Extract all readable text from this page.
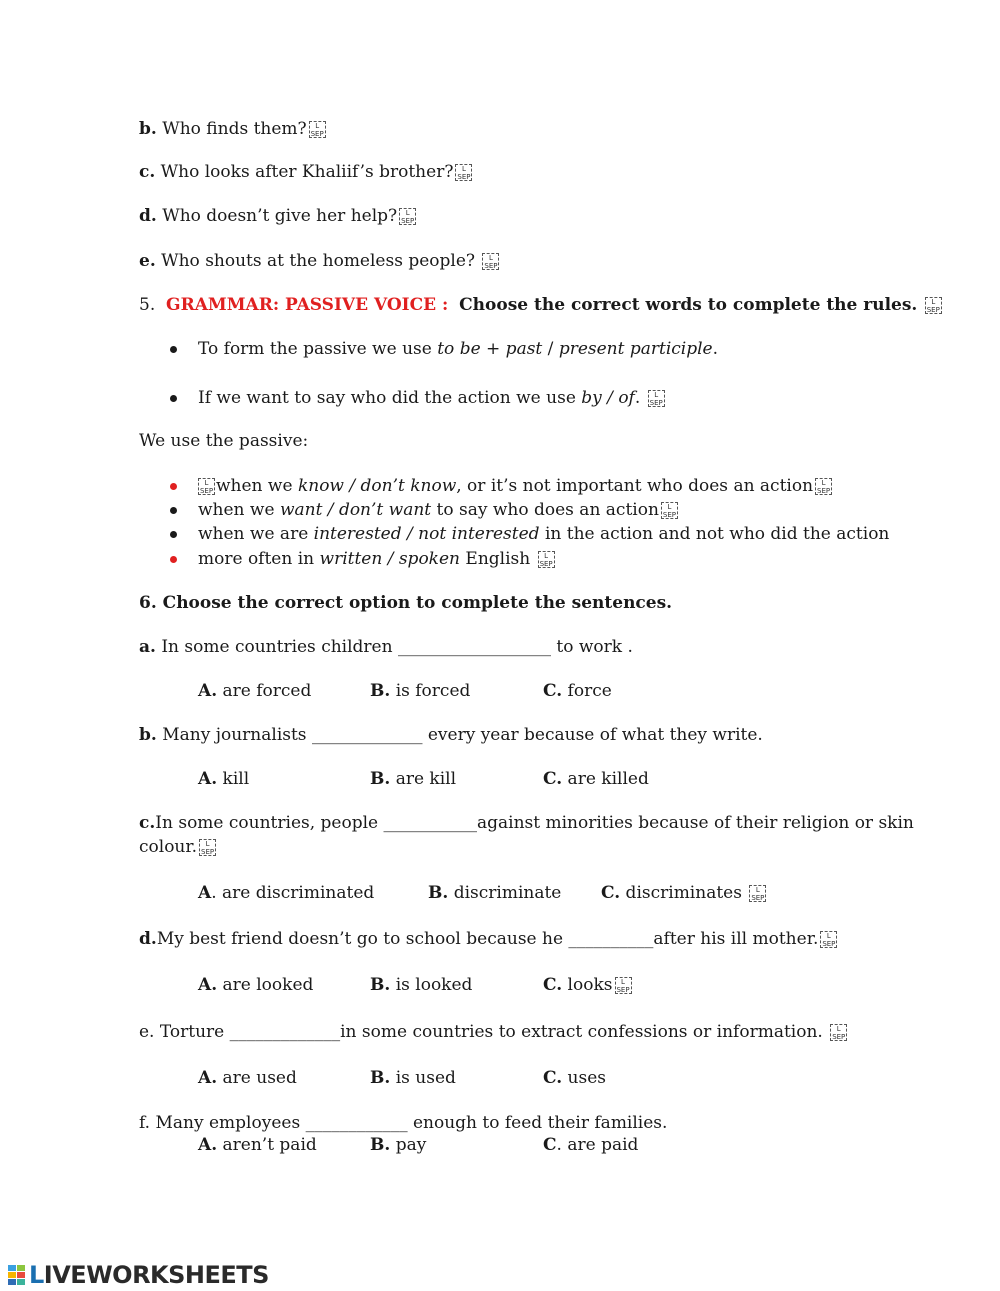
b. Who finds them? L
SEP
c. Who looks after Khaliif’s brother? L
SEP
d. Who doesn’t give her help? L
SEP
e. Who shouts at the homeless people? L
SEP
5. GRAMMAR: PASSIVE VOICE : Choose the correct words to complete the rules. L
SEP
To form the passive we use to be + past / present participle.
If we want to say who did the action we use by / of. L
SEP
We use the passive:
L
SEP when we know / don’t know, or it’s not important who does an action L
SEP
when we want / don’t want to say who does an action L
SEP
when we are interested / not interested in the action and not who did the action
more often in written / spoken English L
SEP
6. Choose the correct option to complete the sentences.
a. In some countries children __________________ to work .
A. are forced	B. is forced	C. force
b. Many journalists _____________ every year because of what they write.
A. kill	B. are kill	C. are killed
c.In some countries, people ___________against minorities because of their religion or skin
colour. L
SEP
A. are discriminated	B. discriminate C. discriminates L
SEP
d.My best friend doesn’t go to school because he __________after his ill mother. L
SEP
A. are looked	B. is looked	C. looks L
SEP
e. Torture _____________in some countries to extract confessions or information. L
SEP
A. are used	B. is used	C. uses
f. Many employees ____________ enough to feed their families.
A. aren’t paid	B. pay	C. are paid
LIVEWORKSHEETS
